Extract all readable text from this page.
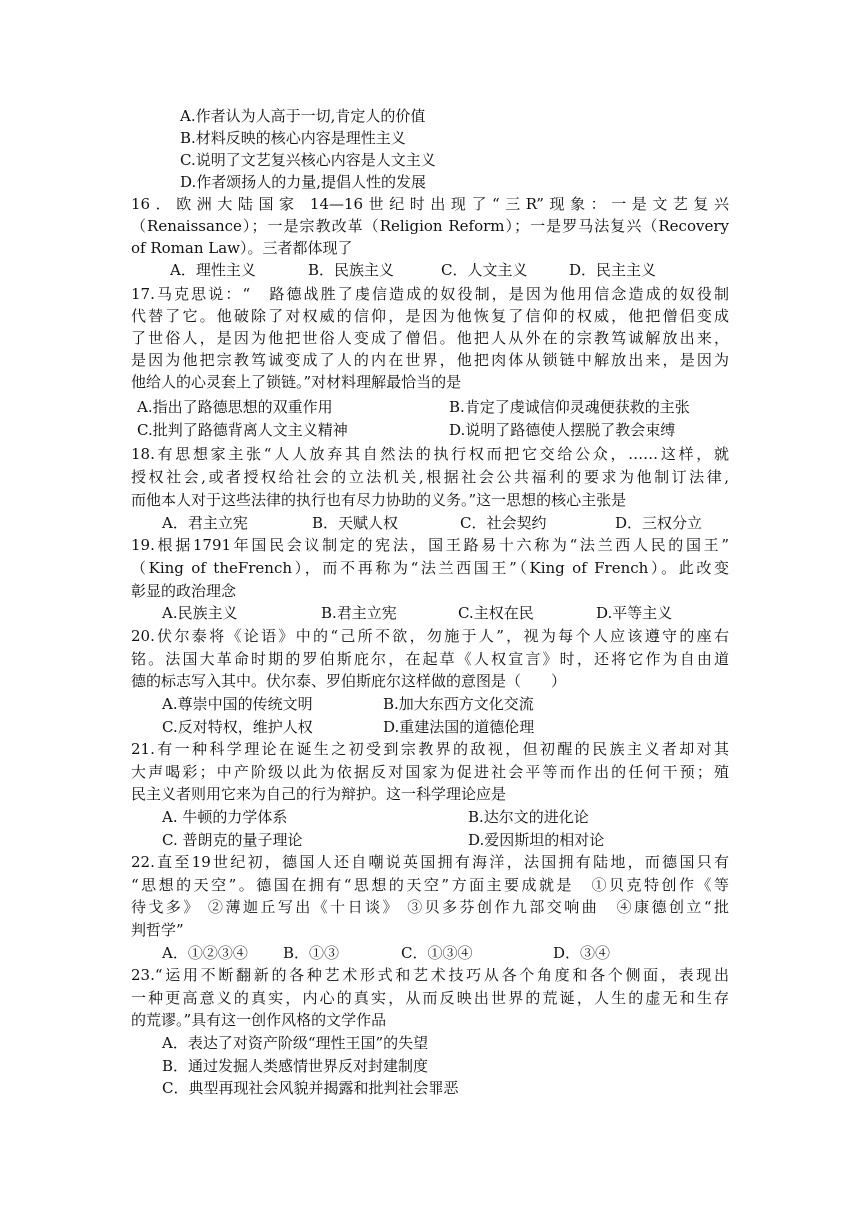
A.作者认为人高于一切,肯定人的价值
B.材料反映的核心内容是理性主义
C.说明了文艺复兴核心内容是人文主义
D.作者颂扬人的力量,提倡人性的发展
16．欧洲大陆国家 14—16世纪时出现了“三R”现象：一是文艺复兴
（Renaissance）；一是宗教改革（Religion Reform）；一是罗马法复兴（Recovery
of Roman Law）。三者都体现了
A．理性主义	B．民族主义	C．人文主义	D．民主主义
17.马克思说：“　路德战胜了虔信造成的奴役制，是因为他用信念造成的奴役制
代替了它。他破除了对权威的信仰，是因为他恢复了信仰的权威，他把僧侣变成
了世俗人，是因为他把世俗人变成了僧侣。他把人从外在的宗教笃诚解放出来，
是因为他把宗教笃诚变成了人的内在世界，他把肉体从锁链中解放出来，是因为
他给人的心灵套上了锁链。”对材料理解最恰当的是
A.指出了路德思想的双重作用	B.肯定了虔诚信仰灵魂便获救的主张
C.批判了路德背离人文主义精神	D.说明了路德使人摆脱了教会束缚
18.有思想家主张“人人放弃其自然法的执行权而把它交给公众，……这样，就
授权社会,或者授权给社会的立法机关,根据社会公共福利的要求为他制订法律,
而他本人对于这些法律的执行也有尽力协助的义务。”这一思想的核心主张是
A．君主立宪	B．天赋人权	C．社会契约	D．三权分立
19.根据1791年国民会议制定的宪法，国王路易十六称为“法兰西人民的国王”
（King of theFrench），而不再称为“法兰西国王”（King of French）。此改变
彰显的政治理念
A.民族主义	B.君主立宪	C.主权在民	D.平等主义
20.伏尔泰将《论语》中的“己所不欲，勿施于人”，视为每个人应该遵守的座右
铭。法国大革命时期的罗伯斯庇尔，在起草《人权宣言》时，还将它作为自由道
德的标志写入其中。伏尔泰、罗伯斯庇尔这样做的意图是（　　）
A.尊崇中国的传统文明	B.加大东西方文化交流
C.反对特权，维护人权	D.重建法国的道德伦理
21.有一种科学理论在诞生之初受到宗教界的敌视，但初醒的民族主义者却对其
大声喝彩；中产阶级以此为依据反对国家为促进社会平等而作出的任何干预；殖
民主义者则用它来为自己的行为辩护。这一科学理论应是
A. 牛顿的力学体系	B.达尔文的进化论
C. 普朗克的量子理论	D.爱因斯坦的相对论
22.直至19世纪初，德国人还自嘲说英国拥有海洋，法国拥有陆地，而德国只有
“思想的天空”。德国在拥有“思想的天空”方面主要成就是　①贝克特创作《等
待戈多》 ②薄迦丘写出《十日谈》 ③贝多芬创作九部交响曲　④康德创立“批
判哲学”
A．①②③④ B．①③	C．①③④	D．③④
23.“运用不断翻新的各种艺术形式和艺术技巧从各个角度和各个侧面，表现出
一种更高意义的真实，内心的真实，从而反映出世界的荒诞，人生的虚无和生存
的荒谬。”具有这一创作风格的文学作品
A．表达了对资产阶级“理性王国”的失望
B．通过发掘人类感情世界反对封建制度
C．典型再现社会风貌并揭露和批判社会罪恶
